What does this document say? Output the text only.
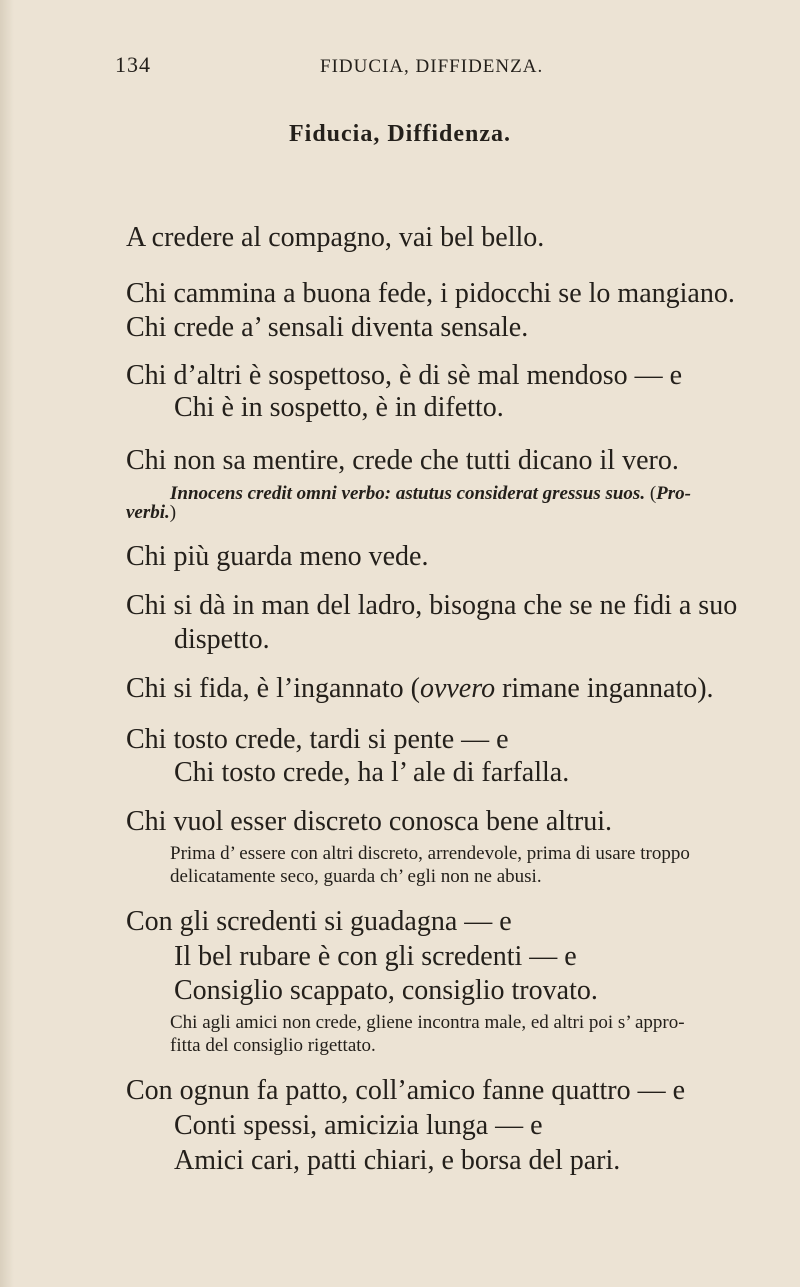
134	FIDUCIA, DIFFIDENZA.
Fiducia, Diffidenza.
A credere al compagno, vai bel bello.
Chi cammina a buona fede, i pidocchi se lo mangiano.
Chi crede a’ sensali diventa sensale.
Chi d’altri è sospettoso, è di sè mal mendoso — e
Chi è in sospetto, è in difetto.
Chi non sa mentire, crede che tutti dicano il vero.
Innocens credit omni verbo: astutus considerat gressus suos. (Pro-
verbi.)
Chi più guarda meno vede.
Chi si dà in man del ladro, bisogna che se ne fidi a suo
dispetto.
Chi si fida, è l’ingannato (ovvero rimane ingannato).
Chi tosto crede, tardi si pente — e
Chi tosto crede, ha l’ ale di farfalla.
Chi vuol esser discreto conosca bene altrui.
Prima d’ essere con altri discreto, arrendevole, prima di usare troppo
delicatamente seco, guarda ch’ egli non ne abusi.
Con gli scredenti si guadagna — e
Il bel rubare è con gli scredenti — e
Consiglio scappato, consiglio trovato.
Chi agli amici non crede, gliene incontra male, ed altri poi s’ appro-
fitta del consiglio rigettato.
Con ognun fa patto, coll’amico fanne quattro — e
Conti spessi, amicizia lunga — e
Amici cari, patti chiari, e borsa del pari.
